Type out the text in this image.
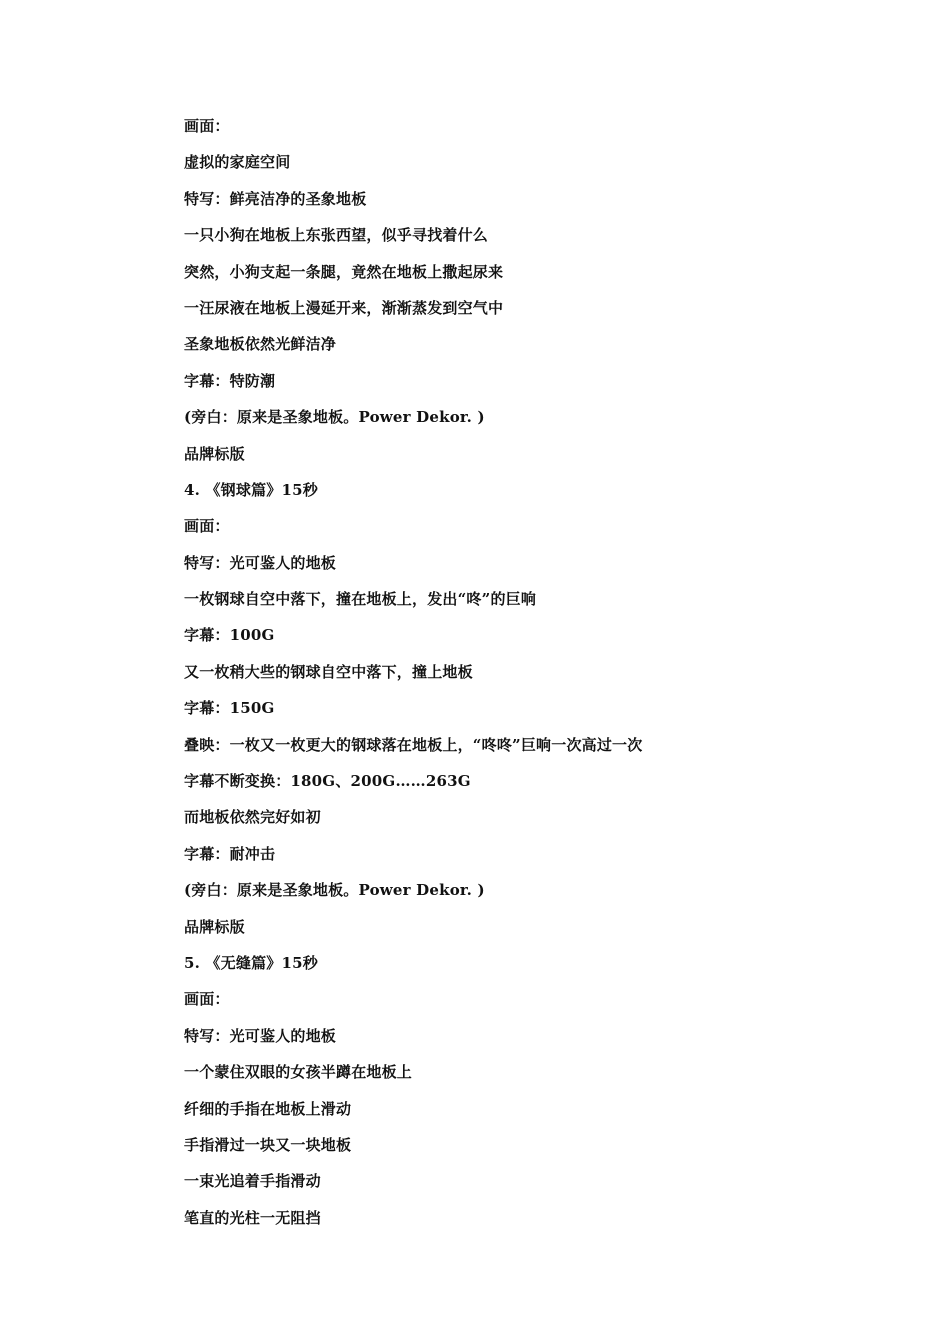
画面：
虚拟的家庭空间
特写：鲜亮洁净的圣象地板
一只小狗在地板上东张西望，似乎寻找着什么
突然，小狗支起一条腿，竟然在地板上撒起尿来
一汪尿液在地板上漫延开来，渐渐蒸发到空气中
圣象地板依然光鲜洁净
字幕：特防潮
(旁白：原来是圣象地板。Power Dekor. )
品牌标版
4. 《钢球篇》15秒
画面：
特写：光可鉴人的地板
一枚钢球自空中落下，撞在地板上，发出“咚”的巨响
字幕：100G
又一枚稍大些的钢球自空中落下，撞上地板
字幕：150G
叠映：一枚又一枚更大的钢球落在地板上，“咚咚”巨响一次高过一次
字幕不断变换：180G、200G……263G
而地板依然完好如初
字幕：耐冲击
(旁白：原来是圣象地板。Power Dekor. )
品牌标版
5. 《无缝篇》15秒
画面：
特写：光可鉴人的地板
一个蒙住双眼的女孩半蹲在地板上
纤细的手指在地板上滑动
手指滑过一块又一块地板
一束光追着手指滑动
笔直的光柱一无阻挡
